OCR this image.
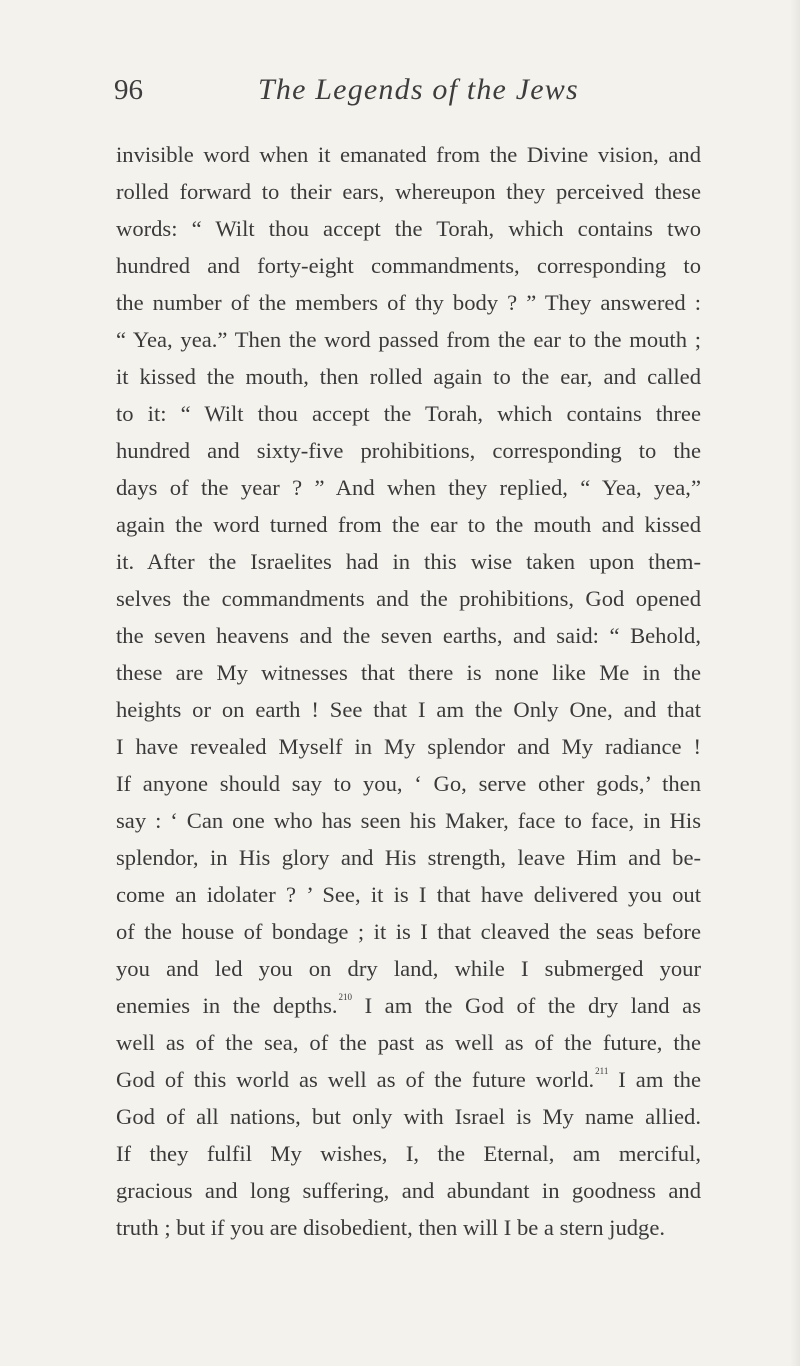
96	The Legends of the Jews
invisible word when it emanated from the Divine vision, and
rolled forward to their ears, whereupon they perceived these
words: “ Wilt thou accept the Torah, which contains two
hundred and forty-eight commandments, corresponding to
the number of the members of thy body ? ” They answered :
“ Yea, yea.” Then the word passed from the ear to the mouth ;
it kissed the mouth, then rolled again to the ear, and called
to it: “ Wilt thou accept the Torah, which contains three
hundred and sixty-five prohibitions, corresponding to the
days of the year ? ” And when they replied, “ Yea, yea,”
again the word turned from the ear to the mouth and kissed
it. After the Israelites had in this wise taken upon them-
selves the commandments and the prohibitions, God opened
the seven heavens and the seven earths, and said: “ Behold,
these are My witnesses that there is none like Me in the
heights or on earth ! See that I am the Only One, and that
I have revealed Myself in My splendor and My radiance !
If anyone should say to you, ‘ Go, serve other gods,’ then
say : ‘ Can one who has seen his Maker, face to face, in His
splendor, in His glory and His strength, leave Him and be-
come an idolater ? ’ See, it is I that have delivered you out
of the house of bondage ; it is I that cleaved the seas before
you and led you on dry land, while I submerged your
enemies in the depths.$^{210}$ I am the God of the dry land as
well as of the sea, of the past as well as of the future, the
God of this world as well as of the future world.$^{211}$ I am the
God of all nations, but only with Israel is My name allied.
If they fulfil My wishes, I, the Eternal, am merciful,
gracious and long suffering, and abundant in goodness and
truth ; but if you are disobedient, then will I be a stern judge.
